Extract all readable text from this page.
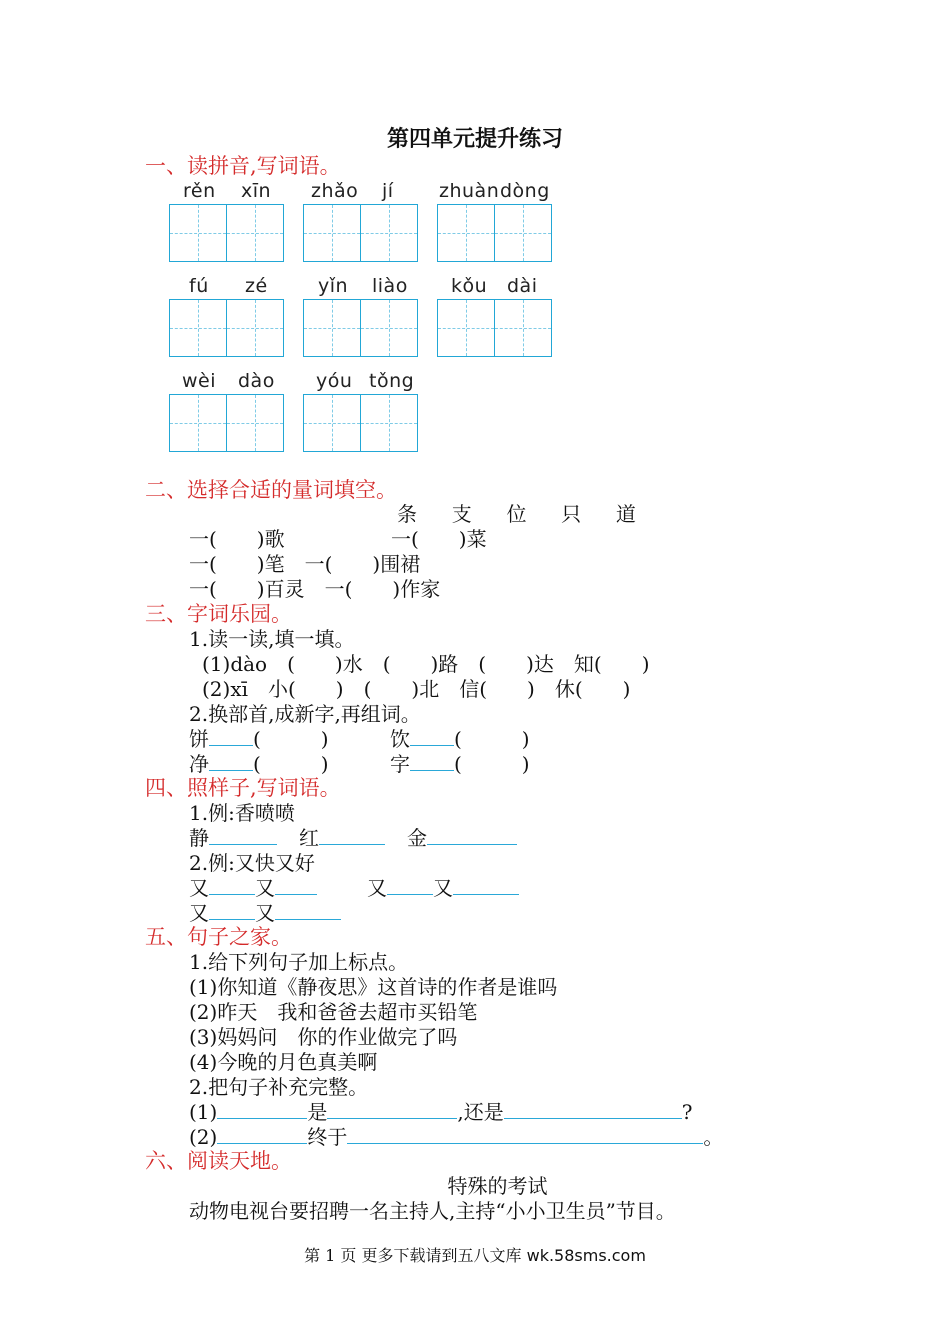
第四单元提升练习
一、读拼音,写词语。
rěn xīn zhǎo jí zhuàn dòng
fú zé	yǐn liào kǒu dài
wèi dào yóu tǒng
二、选择合适的量词填空。
条 支 位 只 道
一(　　)歌	一(　　)菜
一(　　)笔　一(　　)围裙
一(　　)百灵　一(　　)作家
三、字词乐园。
1.读一读,填一填。
(1)dào　(　　)水　(　　)路　(　　)达　知(　　)
(2)xī　小(　　)　(　　)北　信(　　)　休(　　)
2.换部首,成新字,再组词。
饼 (　　　)	饮 (　　　)
净 (　　　)	字 (　　　)
四、照样子,写词语。
1.例:香喷喷
静	红	金
2.例:又快又好
又 又	又 又
又 又
五、句子之家。
1.给下列句子加上标点。
(1)你知道《静夜思》这首诗的作者是谁吗
(2)昨天　我和爸爸去超市买铅笔
(3)妈妈问　你的作业做完了吗
(4)今晚的月色真美啊
2.把句子补充完整。
(1)	是	,还是	?
(2)	终于	。
六、阅读天地。
特殊的考试
动物电视台要招聘一名主持人,主持“小小卫生员”节目。
第 1 页 更多下载请到五八文库 wk.58sms.com
